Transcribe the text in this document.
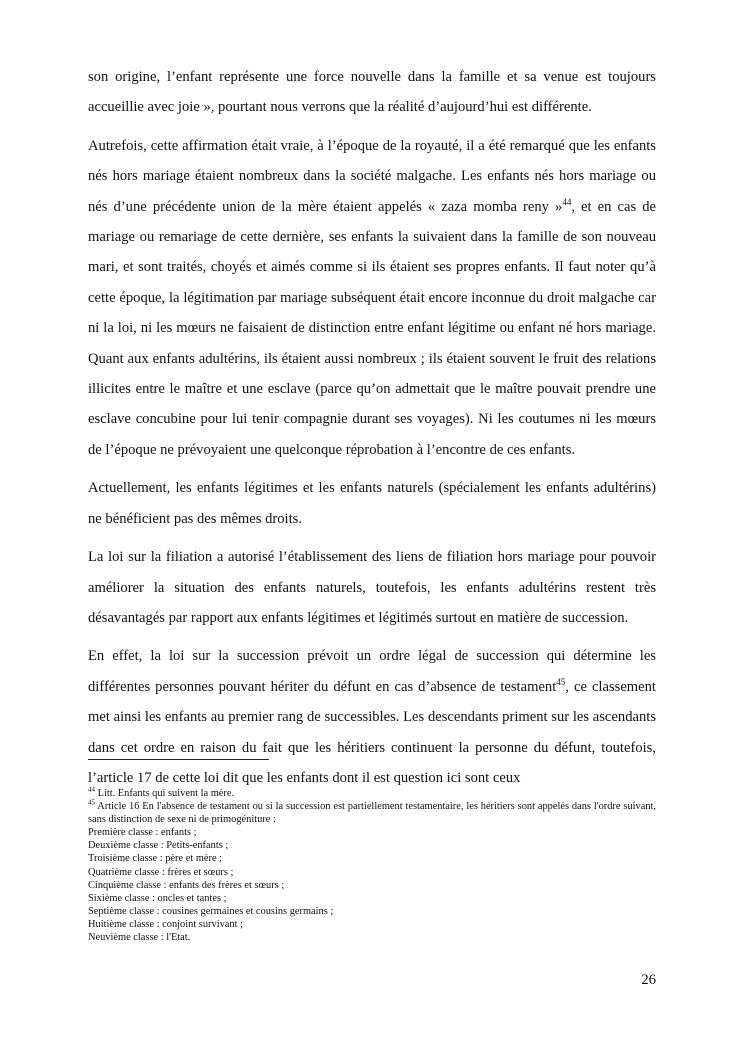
son origine, l’enfant représente une force nouvelle dans la famille et sa venue est toujours accueillie avec joie », pourtant nous verrons que la réalité d’aujourd’hui est différente.

Autrefois, cette affirmation était vraie, à l’époque de la royauté, il a été remarqué que les enfants nés hors mariage étaient nombreux dans la société malgache. Les enfants nés hors mariage ou nés d’une précédente union de la mère étaient appelés « zaza momba reny »$^{44}$, et en cas de mariage ou remariage de cette dernière, ses enfants la suivaient dans la famille de son nouveau mari, et sont traités, choyés et aimés comme si ils étaient ses propres enfants. Il faut noter qu’à cette époque, la légitimation par mariage subséquent était encore inconnue du droit malgache car ni la loi, ni les mœurs ne faisaient de distinction entre enfant légitime ou enfant né hors mariage. Quant aux enfants adultérins, ils étaient aussi nombreux ; ils étaient souvent le fruit des relations illicites entre le maître et une esclave (parce qu’on admettait que le maître pouvait prendre une esclave concubine pour lui tenir compagnie durant ses voyages). Ni les coutumes ni les mœurs de l’époque ne prévoyaient une quelconque réprobation à l’encontre de ces enfants.

Actuellement, les enfants légitimes et les enfants naturels (spécialement les enfants adultérins) ne bénéficient pas des mêmes droits.

La loi sur la filiation a autorisé l’établissement des liens de filiation hors mariage pour pouvoir améliorer la situation des enfants naturels, toutefois, les enfants adultérins restent très désavantagés par rapport aux enfants légitimes et légitimés surtout en matière de succession.

En effet, la loi sur la succession prévoit un ordre légal de succession qui détermine les différentes personnes pouvant hériter du défunt en cas d’absence de testament$^{45}$, ce classement met ainsi les enfants au premier rang de successibles. Les descendants priment sur les ascendants dans cet ordre en raison du fait que les héritiers continuent la personne du défunt, toutefois, l’article 17 de cette loi dit que les enfants dont il est question ici sont ceux

$^{44}$ Litt. Enfants qui suivent la mère.

$^{45}$ Article 16 En l'absence de testament ou si la succession est partiellement testamentaire, les héritiers sont appelés dans l'ordre suivant, sans distinction de sexe ni de primogéniture :

Première classe : enfants ;
Deuxième classe : Petits-enfants ;
Troisième classe : père et mère ;
Quatrième classe : frères et sœurs ;
Cinquième classe : enfants des frères et sœurs ;
Sixième classe : oncles et tantes ;
Septième classe : cousines germaines et cousins germains ;
Huitième classe : conjoint survivant ;
Neuvième classe : l'Etat.
26
